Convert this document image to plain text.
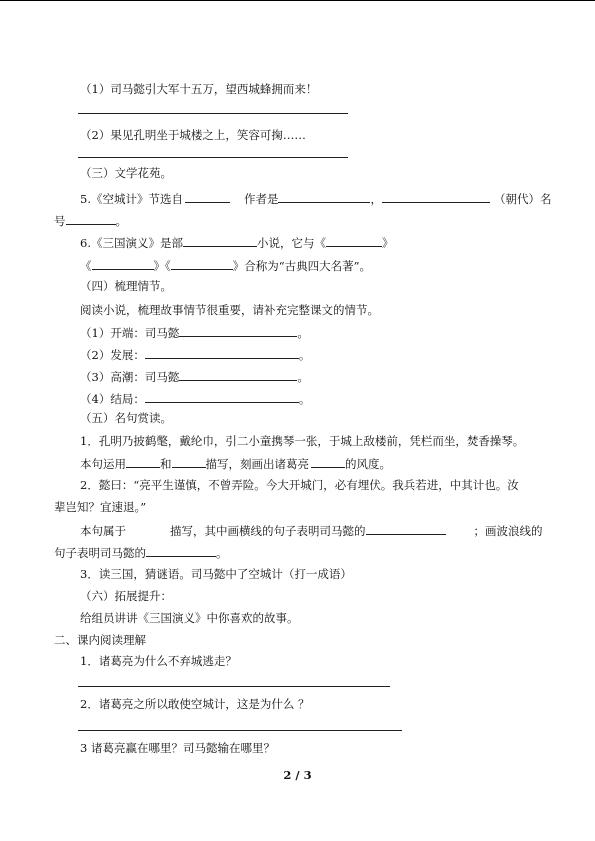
（1）司马懿引大军十五万，望西城蜂拥而来！
（2）果见孔明坐于城楼之上，笑容可掬……
（三）文学花苑。
5.《空城计》节选自	作者是	，	（朝代）名
号	。
6.《三国演义》是部	小说，它与《	》
《	》《	》合称为“古典四大名著”。
（四）梳理情节。
阅读小说，梳理故事情节很重要，请补充完整课文的情节。
（1）开端：司马懿	。
（2）发展：	。
（3）高潮：司马懿	。
（4）结局：	。
（五）名句赏读。
1．孔明乃披鹤氅，戴纶巾，引二小童携琴一张，于城上敌楼前，凭栏而坐，焚香操琴。
本句运用	和	描写，刻画出诸葛亮	的风度。
2．懿曰：“亮平生谨慎，不曾弄险。今大开城门，必有埋伏。我兵若进，中其计也。汝
辈岂知？宜速退。”
本句属于	描写，其中画横线的句子表明司马懿的	；画波浪线的
句子表明司马懿的	。
3．读三国，猜谜语。司马懿中了空城计（打一成语）
（六）拓展提升：
给组员讲讲《三国演义》中你喜欢的故事。
二、课内阅读理解
1．诸葛亮为什么不弃城逃走？
2．诸葛亮之所以敢使空城计，这是为什么 ？
3 诸葛亮赢在哪里？司马懿输在哪里？
2 / 3
